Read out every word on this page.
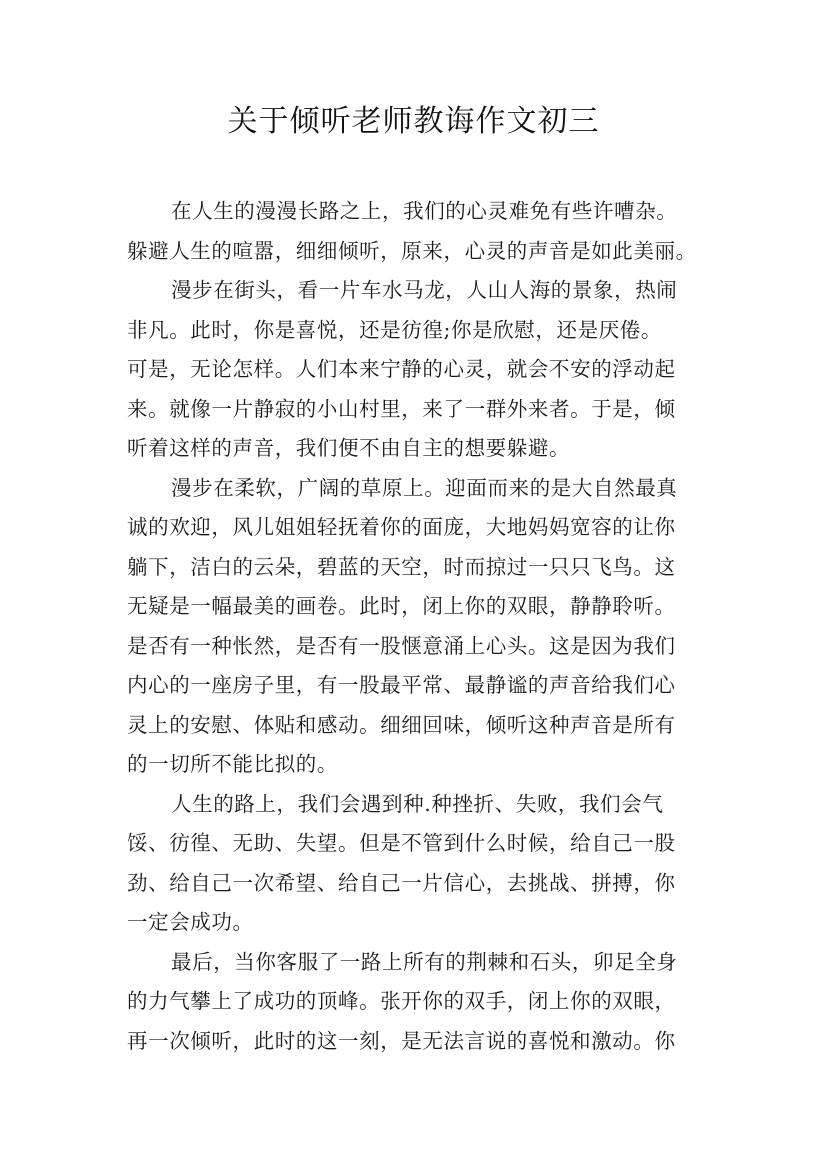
关于倾听老师教诲作文初三

在人生的漫漫长路之上，我们的心灵难免有些许嘈杂。
躲避人生的喧嚣，细细倾听，原来，心灵的声音是如此美丽。

漫步在街头，看一片车水马龙，人山人海的景象，热闹
非凡。此时，你是喜悦，还是彷徨;你是欣慰，还是厌倦。
可是，无论怎样。人们本来宁静的心灵，就会不安的浮动起
来。就像一片静寂的小山村里，来了一群外来者。于是，倾
听着这样的声音，我们便不由自主的想要躲避。

漫步在柔软，广阔的草原上。迎面而来的是大自然最真
诚的欢迎，风儿姐姐轻抚着你的面庞，大地妈妈宽容的让你
躺下，洁白的云朵，碧蓝的天空，时而掠过一只只飞鸟。这
无疑是一幅最美的画卷。此时，闭上你的双眼，静静聆听。
是否有一种怅然，是否有一股惬意涌上心头。这是因为我们
内心的一座房子里，有一股最平常、最静谧的声音给我们心
灵上的安慰、体贴和感动。细细回味，倾听这种声音是所有
的一切所不能比拟的。

人生的路上，我们会遇到种.种挫折、失败，我们会气
馁、彷徨、无助、失望。但是不管到什么时候，给自己一股
劲、给自己一次希望、给自己一片信心，去挑战、拼搏，你
一定会成功。

最后，当你客服了一路上所有的荆棘和石头，卯足全身
的力气攀上了成功的顶峰。张开你的双手，闭上你的双眼，
再一次倾听，此时的这一刻，是无法言说的喜悦和激动。你
